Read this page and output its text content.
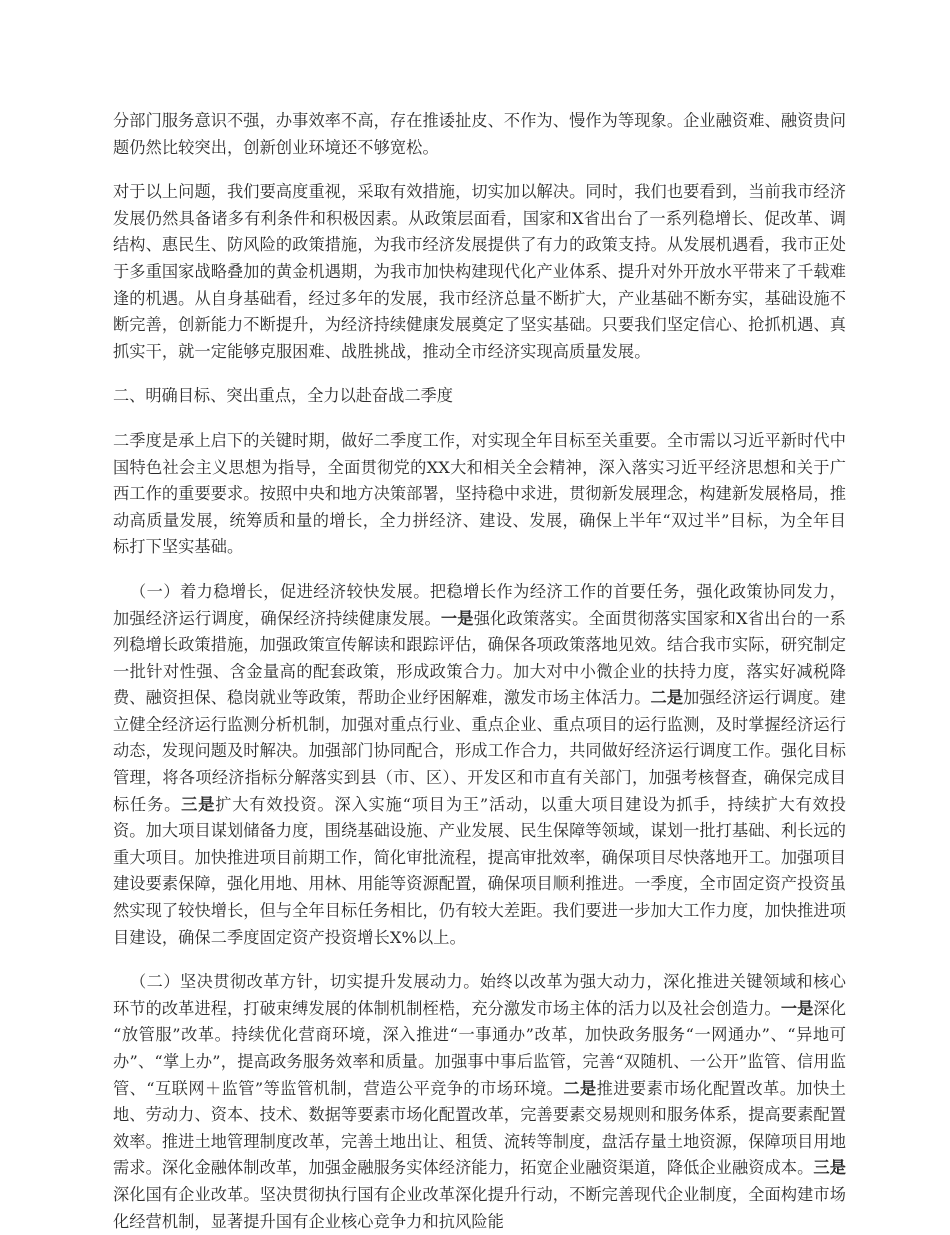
分部门服务意识不强，办事效率不高，存在推诿扯皮、不作为、慢作为等现象。企业融资难、融资贵问题仍然比较突出，创新创业环境还不够宽松。

对于以上问题，我们要高度重视，采取有效措施，切实加以解决。同时，我们也要看到，当前我市经济发展仍然具备诸多有利条件和积极因素。从政策层面看，国家和X省出台了一系列稳增长、促改革、调结构、惠民生、防风险的政策措施，为我市经济发展提供了有力的政策支持。从发展机遇看，我市正处于多重国家战略叠加的黄金机遇期，为我市加快构建现代化产业体系、提升对外开放水平带来了千载难逢的机遇。从自身基础看，经过多年的发展，我市经济总量不断扩大，产业基础不断夯实，基础设施不断完善，创新能力不断提升，为经济持续健康发展奠定了坚实基础。只要我们坚定信心、抢抓机遇、真抓实干，就一定能够克服困难、战胜挑战，推动全市经济实现高质量发展。

二、明确目标、突出重点，全力以赴奋战二季度

二季度是承上启下的关键时期，做好二季度工作，对实现全年目标至关重要。全市需以习近平新时代中国特色社会主义思想为指导，全面贯彻党的XX大和相关全会精神，深入落实习近平经济思想和关于广西工作的重要要求。按照中央和地方决策部署，坚持稳中求进，贯彻新发展理念，构建新发展格局，推动高质量发展，统筹质和量的增长，全力拼经济、建设、发展，确保上半年“双过半”目标，为全年目标打下坚实基础。

（一）着力稳增长，促进经济较快发展。把稳增长作为经济工作的首要任务，强化政策协同发力，加强经济运行调度，确保经济持续健康发展。一是强化政策落实。全面贯彻落实国家和X省出台的一系列稳增长政策措施，加强政策宣传解读和跟踪评估，确保各项政策落地见效。结合我市实际，研究制定一批针对性强、含金量高的配套政策，形成政策合力。加大对中小微企业的扶持力度，落实好减税降费、融资担保、稳岗就业等政策，帮助企业纾困解难，激发市场主体活力。二是加强经济运行调度。建立健全经济运行监测分析机制，加强对重点行业、重点企业、重点项目的运行监测，及时掌握经济运行动态，发现问题及时解决。加强部门协同配合，形成工作合力，共同做好经济运行调度工作。强化目标管理，将各项经济指标分解落实到县（市、区）、开发区和市直有关部门，加强考核督查，确保完成目标任务。三是扩大有效投资。深入实施“项目为王”活动，以重大项目建设为抓手，持续扩大有效投资。加大项目谋划储备力度，围绕基础设施、产业发展、民生保障等领域，谋划一批打基础、利长远的重大项目。加快推进项目前期工作，简化审批流程，提高审批效率，确保项目尽快落地开工。加强项目建设要素保障，强化用地、用林、用能等资源配置，确保项目顺利推进。一季度，全市固定资产投资虽然实现了较快增长，但与全年目标任务相比，仍有较大差距。我们要进一步加大工作力度，加快推进项目建设，确保二季度固定资产投资增长X%以上。

（二）坚决贯彻改革方针，切实提升发展动力。始终以改革为强大动力，深化推进关键领域和核心环节的改革进程，打破束缚发展的体制机制桎梏，充分激发市场主体的活力以及社会创造力。一是深化“放管服”改革。持续优化营商环境，深入推进“一事通办”改革，加快政务服务“一网通办”、“异地可办”、“掌上办”，提高政务服务效率和质量。加强事中事后监管，完善“双随机、一公开”监管、信用监管、“互联网＋监管”等监管机制，营造公平竞争的市场环境。二是推进要素市场化配置改革。加快土地、劳动力、资本、技术、数据等要素市场化配置改革，完善要素交易规则和服务体系，提高要素配置效率。推进土地管理制度改革，完善土地出让、租赁、流转等制度，盘活存量土地资源，保障项目用地需求。深化金融体制改革，加强金融服务实体经济能力，拓宽企业融资渠道，降低企业融资成本。三是深化国有企业改革。坚决贯彻执行国有企业改革深化提升行动，不断完善现代企业制度，全面构建市场化经营机制，显著提升国有企业核心竞争力和抗风险能
